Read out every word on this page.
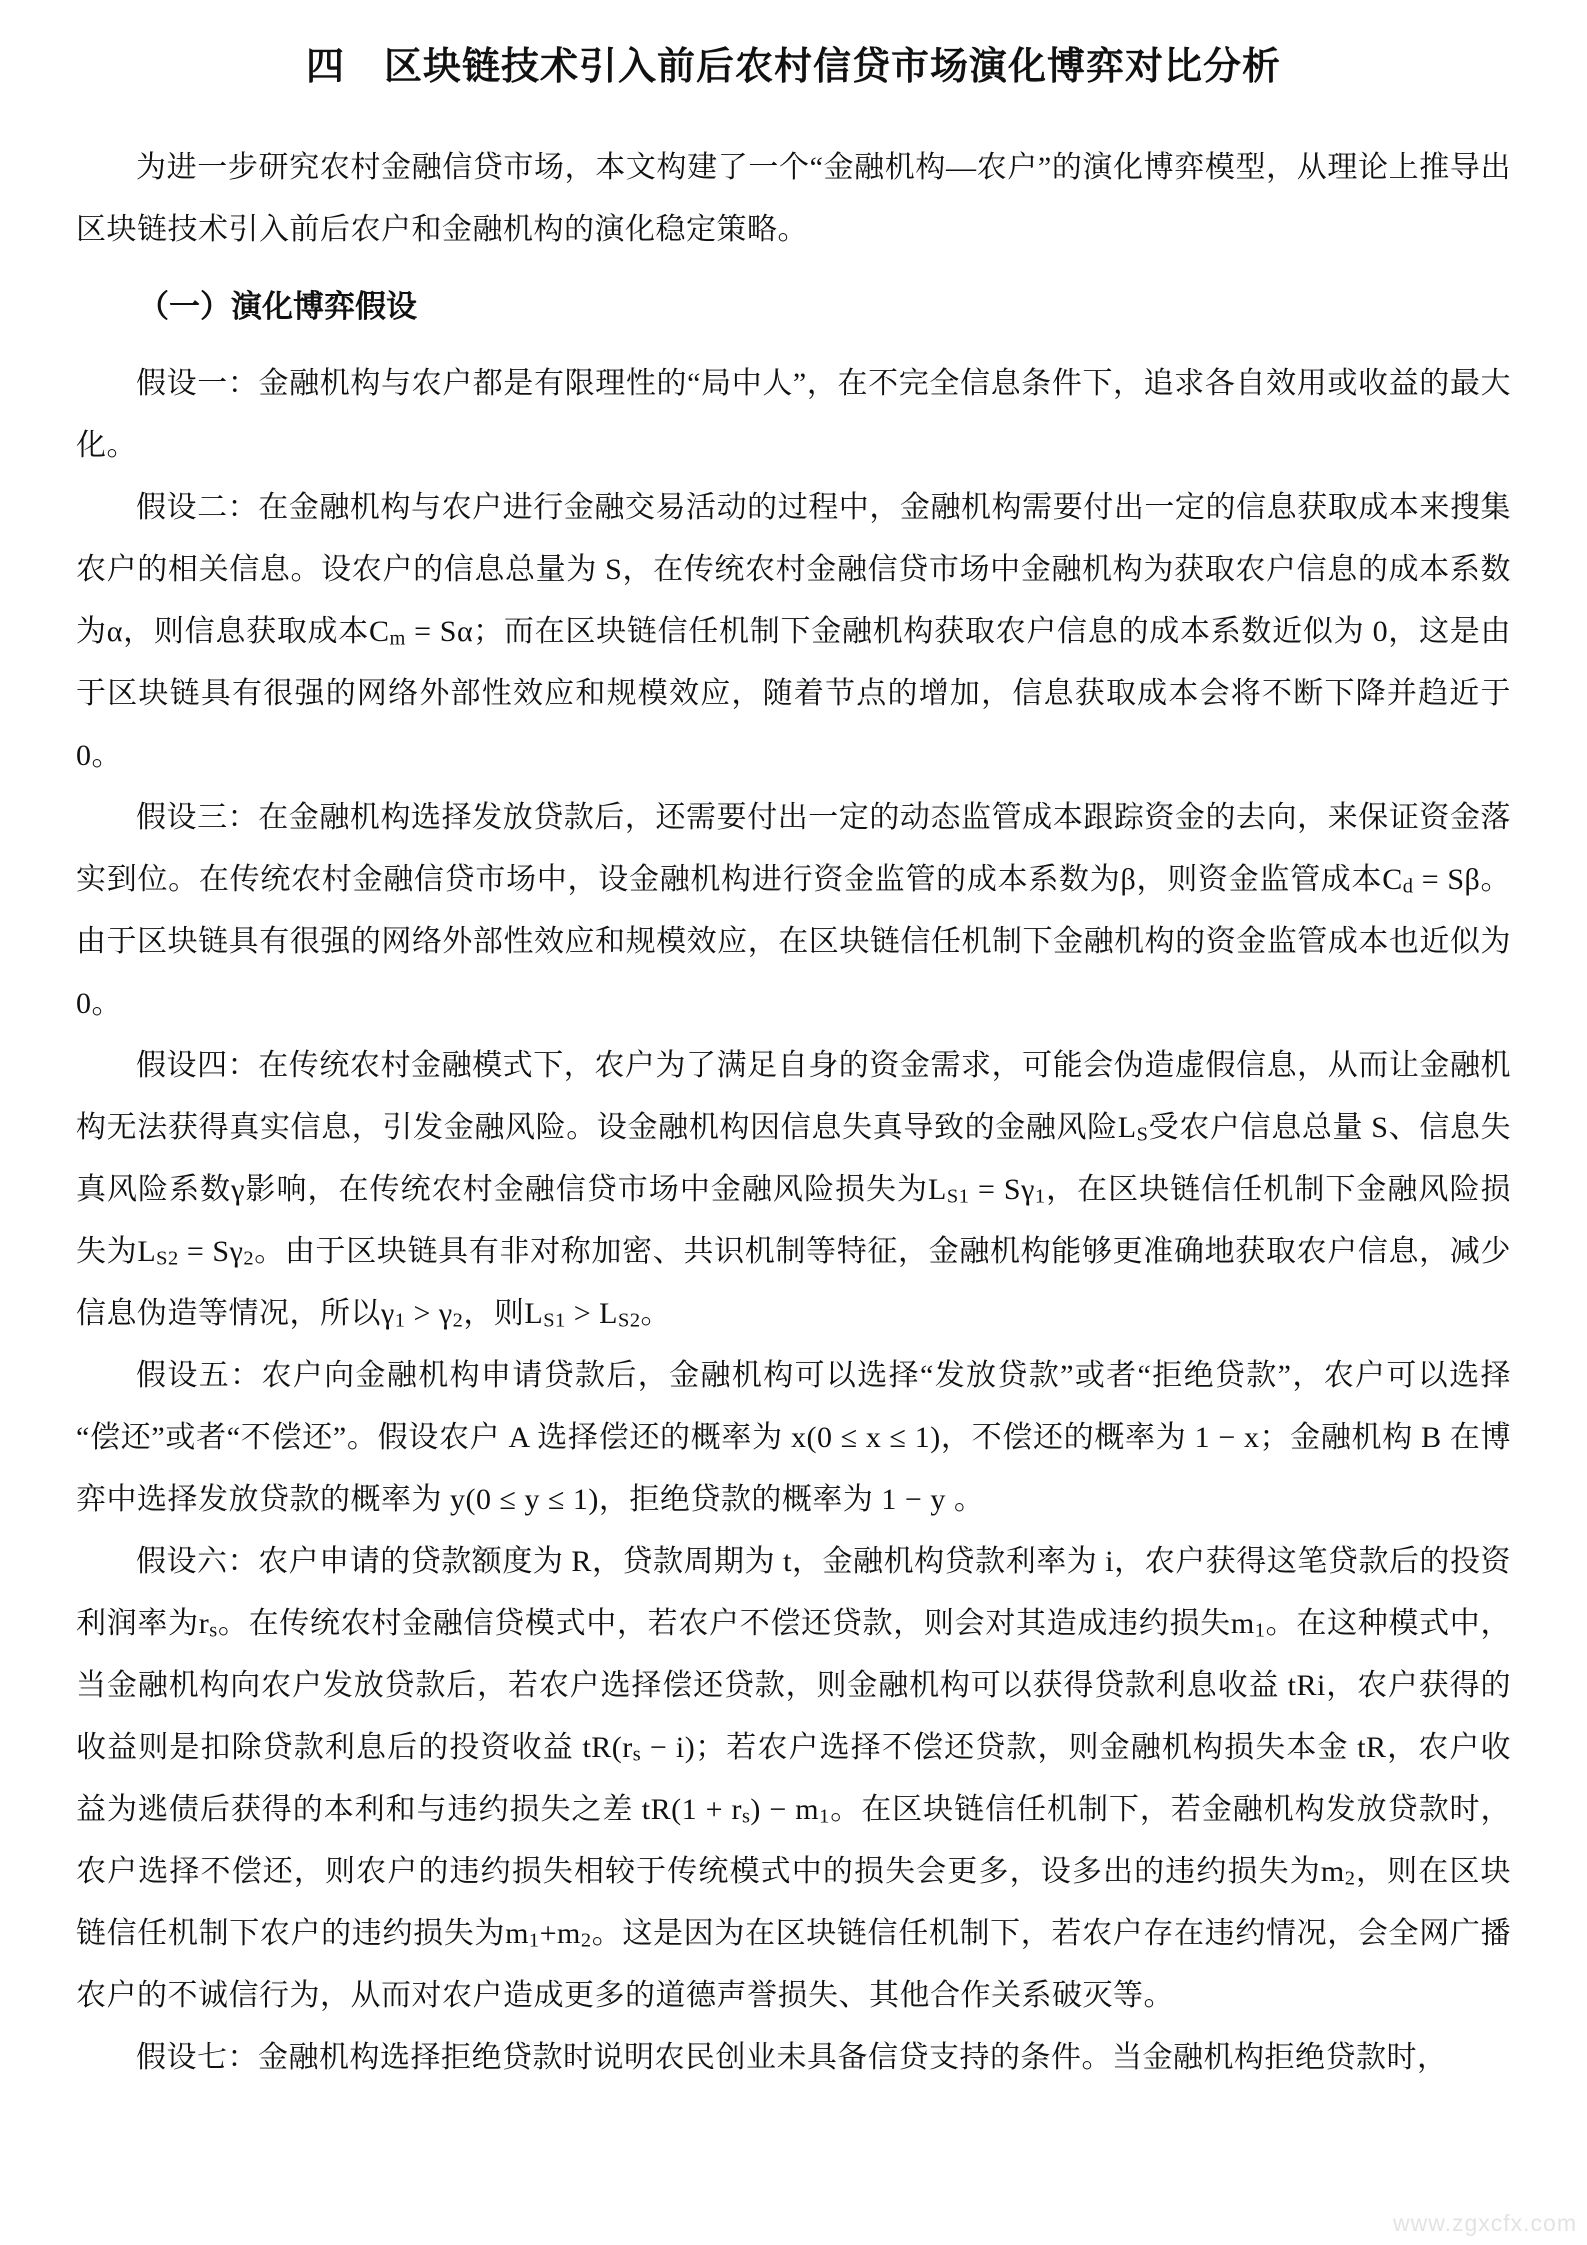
四　区块链技术引入前后农村信贷市场演化博弈对比分析

为进一步研究农村金融信贷市场，本文构建了一个“金融机构—农户”的演化博弈模型，从理论上推导出区块链技术引入前后农户和金融机构的演化稳定策略。

（一）演化博弈假设

假设一：金融机构与农户都是有限理性的“局中人”，在不完全信息条件下，追求各自效用或收益的最大化。

假设二：在金融机构与农户进行金融交易活动的过程中，金融机构需要付出一定的信息获取成本来搜集农户的相关信息。设农户的信息总量为 S，在传统农村金融信贷市场中金融机构为获取农户信息的成本系数为α，则信息获取成本$C_m = S\alpha$；而在区块链信任机制下金融机构获取农户信息的成本系数近似为 0，这是由于区块链具有很强的网络外部性效应和规模效应，随着节点的增加，信息获取成本会将不断下降并趋近于 0。

假设三：在金融机构选择发放贷款后，还需要付出一定的动态监管成本跟踪资金的去向，来保证资金落实到位。在传统农村金融信贷市场中，设金融机构进行资金监管的成本系数为β，则资金监管成本$C_d = S\beta$。由于区块链具有很强的网络外部性效应和规模效应，在区块链信任机制下金融机构的资金监管成本也近似为 0。

假设四：在传统农村金融模式下，农户为了满足自身的资金需求，可能会伪造虚假信息，从而让金融机构无法获得真实信息，引发金融风险。设金融机构因信息失真导致的金融风险$L_S$受农户信息总量 S、信息失真风险系数γ影响，在传统农村金融信贷市场中金融风险损失为$L_{S1} = S\gamma_1$，在区块链信任机制下金融风险损失为$L_{S2} = S\gamma_2$。由于区块链具有非对称加密、共识机制等特征，金融机构能够更准确地获取农户信息，减少信息伪造等情况，所以$\gamma_1 > \gamma_2$，则$L_{S1} > L_{S2}$。

假设五：农户向金融机构申请贷款后，金融机构可以选择“发放贷款”或者“拒绝贷款”，农户可以选择“偿还”或者“不偿还”。假设农户 A 选择偿还的概率为 x(0 ≤ x ≤ 1)，不偿还的概率为 1 − x；金融机构 B 在博弈中选择发放贷款的概率为 y(0 ≤ y ≤ 1)，拒绝贷款的概率为 1 − y 。

假设六：农户申请的贷款额度为 R，贷款周期为 t，金融机构贷款利率为 i，农户获得这笔贷款后的投资利润率为$r_s$。在传统农村金融信贷模式中，若农户不偿还贷款，则会对其造成违约损失$m_1$。在这种模式中，当金融机构向农户发放贷款后，若农户选择偿还贷款，则金融机构可以获得贷款利息收益 tRi，农户获得的收益则是扣除贷款利息后的投资收益 $tR(r_s - i)$；若农户选择不偿还贷款，则金融机构损失本金 tR，农户收益为逃债后获得的本利和与违约损失之差 $tR(1 + r_s) - m_1$。在区块链信任机制下，若金融机构发放贷款时，农户选择不偿还，则农户的违约损失相较于传统模式中的损失会更多，设多出的违约损失为$m_2$，则在区块链信任机制下农户的违约损失为$m_1+m_2$。这是因为在区块链信任机制下，若农户存在违约情况，会全网广播农户的不诚信行为，从而对农户造成更多的道德声誉损失、其他合作关系破灭等。

假设七：金融机构选择拒绝贷款时说明农民创业未具备信贷支持的条件。当金融机构拒绝贷款时，

www.zgxcfx.com
